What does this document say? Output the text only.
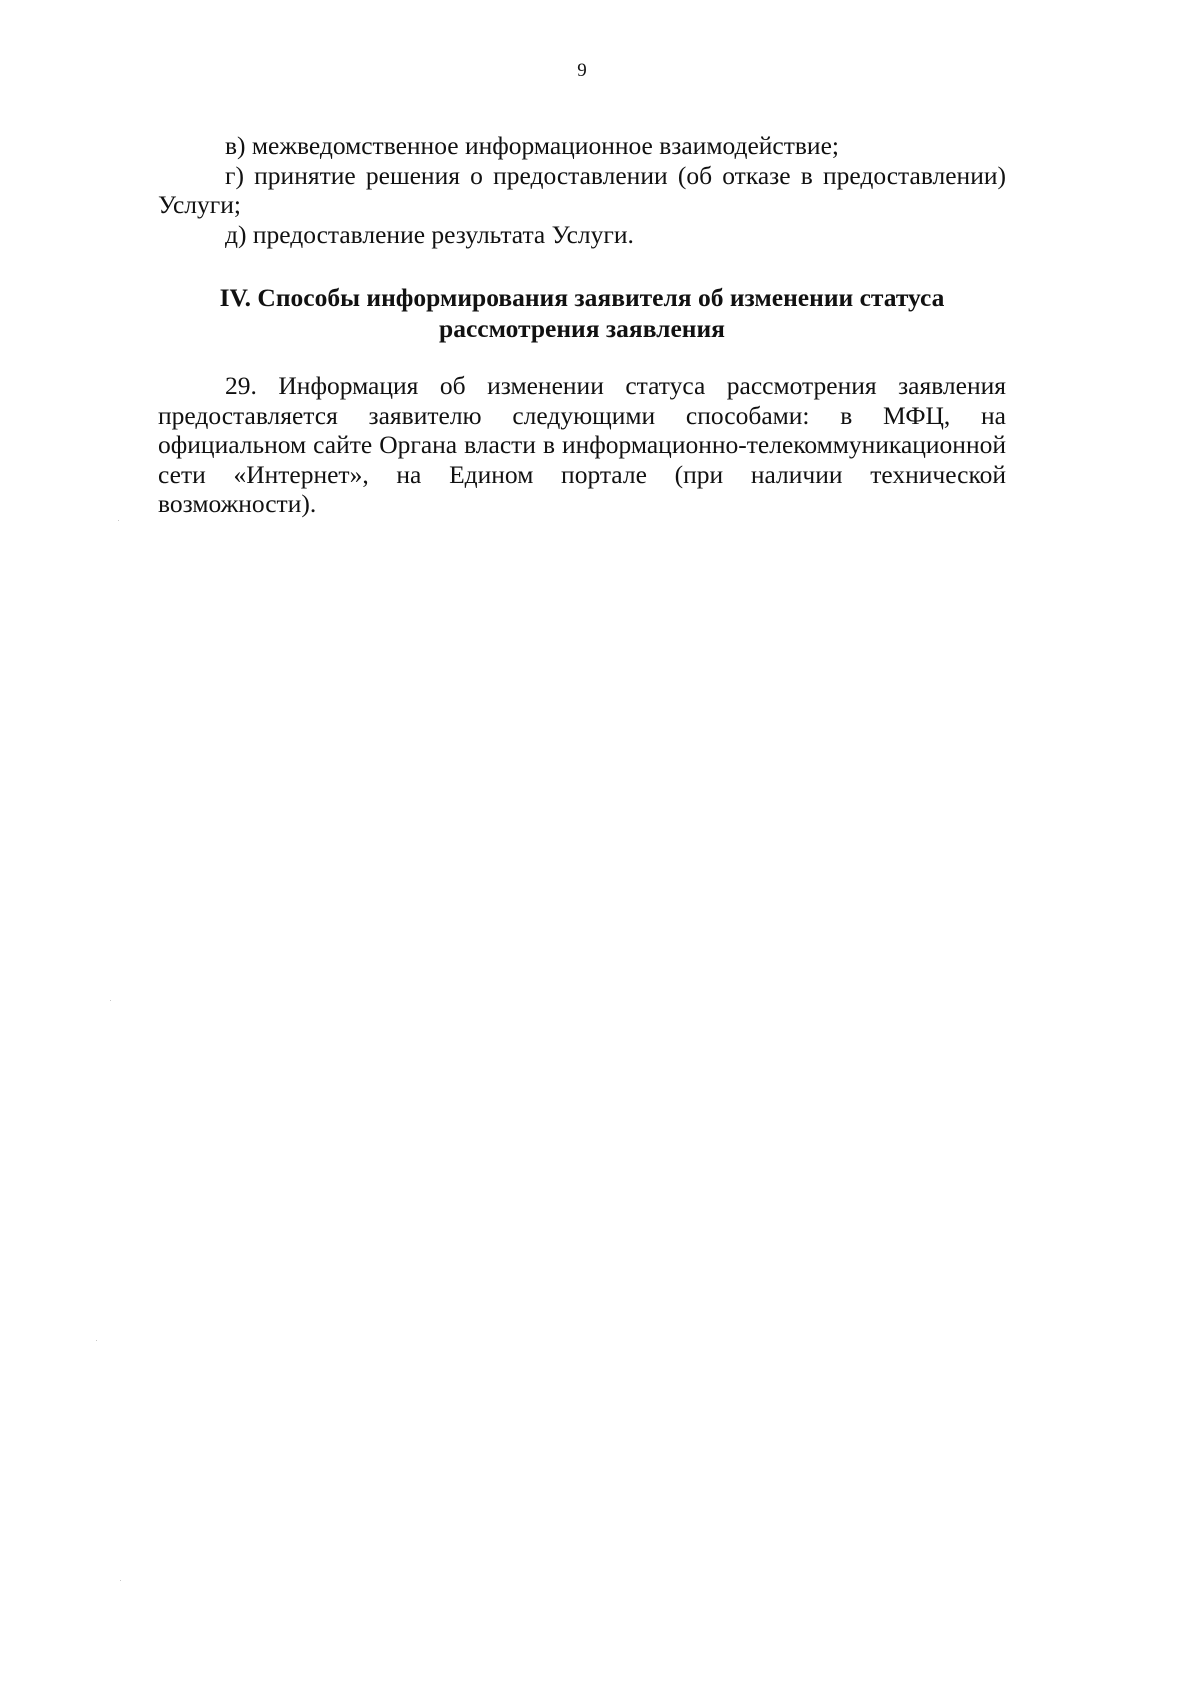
9

в) межведомственное информационное взаимодействие;

г) принятие решения о предоставлении (об отказе в предоставлении) Услуги;

д) предоставление результата Услуги.

IV. Способы информирования заявителя об изменении статуса
рассмотрения заявления

29. Информация об изменении статуса рассмотрения заявления предоставляется заявителю следующими способами: в МФЦ, на официальном сайте Органа власти в информационно-телекоммуникационной сети «Интернет», на Едином портале (при наличии технической возможности).
